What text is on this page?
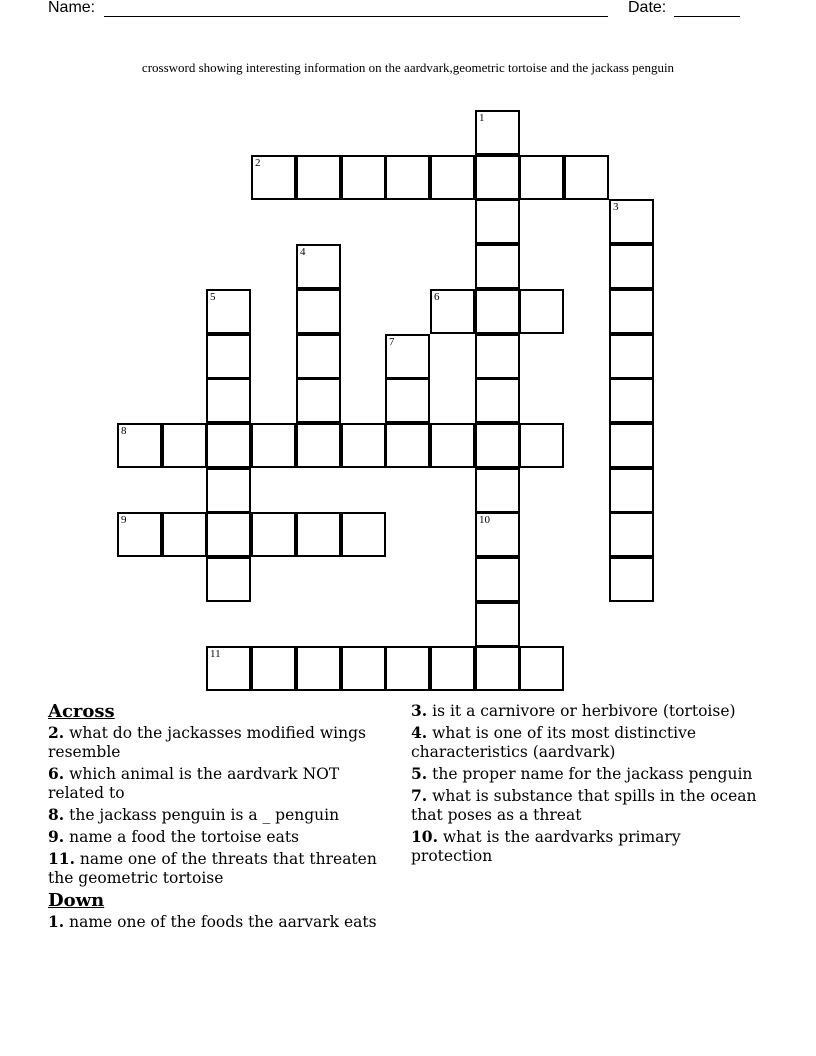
Name:	Date:
crossword showing interesting information on the aardvark,geometric tortoise and the jackass penguin
1
2
3
4
5	6
7
8
9	10
11
Across
2. what do the jackasses modified wings resemble
6. which animal is the aardvark NOT related to
8. the jackass penguin is a _ penguin
9. name a food the tortoise eats
11. name one of the threats that threaten the geometric tortoise
Down
1. name one of the foods the aarvark eats
3. is it a carnivore or herbivore (tortoise)
4. what is one of its most distinctive characteristics (aardvark)
5. the proper name for the jackass penguin
7. what is substance that spills in the ocean that poses as a threat
10. what is the aardvarks primary protection
